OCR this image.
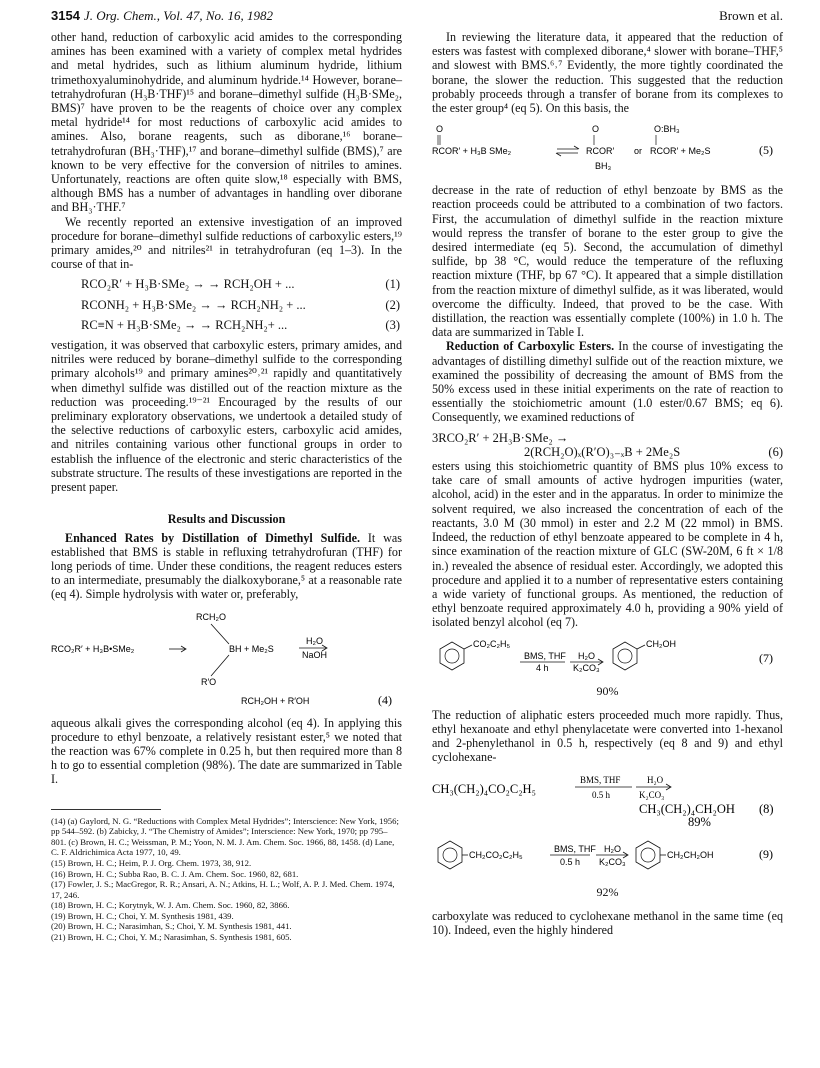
3154 J. Org. Chem., Vol. 47, No. 16, 1982	Brown et al.

other hand, reduction of carboxylic acid amides to the corresponding amines has been examined with a variety of complex metal hydrides and metal hydrides, such as lithium aluminum hydride, lithium trimethoxyaluminohydride, and aluminum hydride.¹⁴ However, borane–tetrahydrofuran (H₃B·THF)¹⁵ and borane–dimethyl sulfide (H₃B·SMe₂, BMS)⁷ have proven to be the reagents of choice over any complex metal hydride¹⁴ for most reductions of carboxylic acid amides to amines. Also, borane reagents, such as diborane,¹⁶ borane–tetrahydrofuran (BH₃·THF),¹⁷ and borane–dimethyl sulfide (BMS),⁷ are known to be very effective for the conversion of nitriles to amines. Unfortunately, reactions are often quite slow,¹⁸ especially with BMS, although BMS has a number of advantages in handling over diborane and BH₃·THF.⁷

We recently reported an extensive investigation of an improved procedure for borane–dimethyl sulfide reductions of carboxylic esters,¹⁹ primary amides,²⁰ and nitriles²¹ in tetrahydrofuran (eq 1–3). In the course of that in-

RCO₂R′ + H₃B·SMe₂ → → RCH₂OH + ...	(1)
RCONH₂ + H₃B·SMe₂ → → RCH₂NH₂ + ...	(2)
RC≡N + H₃B·SMe₂ → → RCH₂NH₂+ ...	(3)

vestigation, it was observed that carboxylic esters, primary amides, and nitriles were reduced by borane–dimethyl sulfide to the corresponding primary alcohols¹⁹ and primary amines²⁰˒²¹ rapidly and quantitatively when dimethyl sulfide was distilled out of the reaction mixture as the reduction was proceeding.¹⁹⁻²¹ Encouraged by the results of our preliminary exploratory observations, we undertook a detailed study of the selective reductions of carboxylic esters, carboxylic acid amides, and nitriles containing various other functional groups in order to establish the influence of the electronic and steric characteristics of the substrate structure. The results of these investigations are reported in the present paper.

Results and Discussion

Enhanced Rates by Distillation of Dimethyl Sulfide. It was established that BMS is stable in refluxing tetrahydrofuran (THF) for long periods of time. Under these conditions, the reagent reduces esters to an intermediate, presumably the dialkoxyborane,⁵ at a reasonable rate (eq 4). Simple hydrolysis with water or, preferably,

RCH₂O
RCO₂R′ + H₃B•SMe₂	BH + Me₂S
R′O
H₂O
NaOH
RCH₂OH + R′OH	(4)

aqueous alkali gives the corresponding alcohol (eq 4). In applying this procedure to ethyl benzoate, a relatively resistant ester,⁵ we noted that the reaction was 67% complete in 0.25 h, but then required more than 8 h to go to essential completion (98%). The date are summarized in Table I.

(14) (a) Gaylord, N. G. “Reductions with Complex Metal Hydrides”; Interscience: New York, 1956; pp 544–592. (b) Zabicky, J. “The Chemistry of Amides”; Interscience: New York, 1970; pp 795–801. (c) Brown, H. C.; Weissman, P. M.; Yoon, N. M. J. Am. Chem. Soc. 1966, 88, 1458. (d) Lane, C. F. Aldrichimica Acta 1977, 10, 49.

(15) Brown, H. C.; Heim, P. J. Org. Chem. 1973, 38, 912.

(16) Brown, H. C.; Subba Rao, B. C. J. Am. Chem. Soc. 1960, 82, 681.

(17) Fowler, J. S.; MacGregor, R. R.; Ansari, A. N.; Atkins, H. L.; Wolf, A. P. J. Med. Chem. 1974, 17, 246.

(18) Brown, H. C.; Korytnyk, W. J. Am. Chem. Soc. 1960, 82, 3866.

(19) Brown, H. C.; Choi, Y. M. Synthesis 1981, 439.

(20) Brown, H. C.; Narasimhan, S.; Choi, Y. M. Synthesis 1981, 441.

(21) Brown, H. C.; Choi, Y. M.; Narasimhan, S. Synthesis 1981, 605.

In reviewing the literature data, it appeared that the reduction of esters was fastest with complexed diborane,⁴ slower with borane–THF,⁵ and slowest with BMS.⁶˒⁷ Evidently, the more tightly coordinated the borane, the slower the reduction. This suggested that the reduction probably proceeds through a transfer of borane from its complexes to the ester group⁴ (eq 5). On this basis, the

O
RCOR′ + H₃B SMe₂
O
RCOR′
BH₃
or
O:BH₃
RCOR′ + Me₂S	(5)

decrease in the rate of reduction of ethyl benzoate by BMS as the reaction proceeds could be attributed to a combination of two factors. First, the accumulation of dimethyl sulfide in the reaction mixture would repress the transfer of borane to the ester group to give the desired intermediate (eq 5). Second, the accumulation of dimethyl sulfide, bp 38 °C, would reduce the temperature of the refluxing reaction mixture (THF, bp 67 °C). It appeared that a simple distillation from the reaction mixture of dimethyl sulfide, as it was liberated, would overcome the difficulty. Indeed, that proved to be the case. With distillation, the reaction was essentially complete (100%) in 1.0 h. The data are summarized in Table I.

Reduction of Carboxylic Esters. In the course of investigating the advantages of distilling dimethyl sulfide out of the reaction mixture, we examined the possibility of decreasing the amount of BMS from the 50% excess used in these initial experiments on the rate of reaction to essentially the stoichiometric amount (1.0 ester/0.67 BMS; eq 6). Consequently, we examined reductions of

3RCO₂R′ + 2H₃B·SMe₂ →
2(RCH₂O)ₓ(R′O)₃₋ₓB + 2Me₂S	(6)

esters using this stoichiometric quantity of BMS plus 10% excess to take care of small amounts of active hydrogen impurities (water, alcohol, acid) in the ester and in the apparatus. In order to minimize the solvent required, we also increased the concentration of each of the reactants, 3.0 M (30 mmol) in ester and 2.2 M (22 mmol) in BMS. Indeed, the reduction of ethyl benzoate appeared to be complete in 4 h, since examination of the reaction mixture of GLC (SW-20M, 6 ft × 1/8 in.) revealed the absence of residual ester. Accordingly, we adopted this procedure and applied it to a number of representative esters containing a wide variety of functional groups. As mentioned, the reduction of ethyl benzoate required approximately 4.0 h, providing a 90% yield of isolated benzyl alcohol (eq 7).

CO₂C₂H₅
BMS, THF
4 h
H₂O
K₂CO₃
CH₂OH
(7)
90%

The reduction of aliphatic esters proceeded much more rapidly. Thus, ethyl hexanoate and ethyl phenylacetate were converted into 1-hexanol and 2-phenylethanol in 0.5 h, respectively (eq 8 and 9) and ethyl cyclohexane-

BMS, THF	H₂O
CH₃(CH₂)₄CO₂C₂H₅	0.5 h	K₂CO₃
CH₃(CH₂)₄CH₂OH (8)
89%
CH₂CO₂C₂H₅
BMS, THF
0.5 h
H₂O
K₂CO₃
CH₂CH₂OH	(9)
92%

carboxylate was reduced to cyclohexane methanol in the same time (eq 10). Indeed, even the highly hindered
